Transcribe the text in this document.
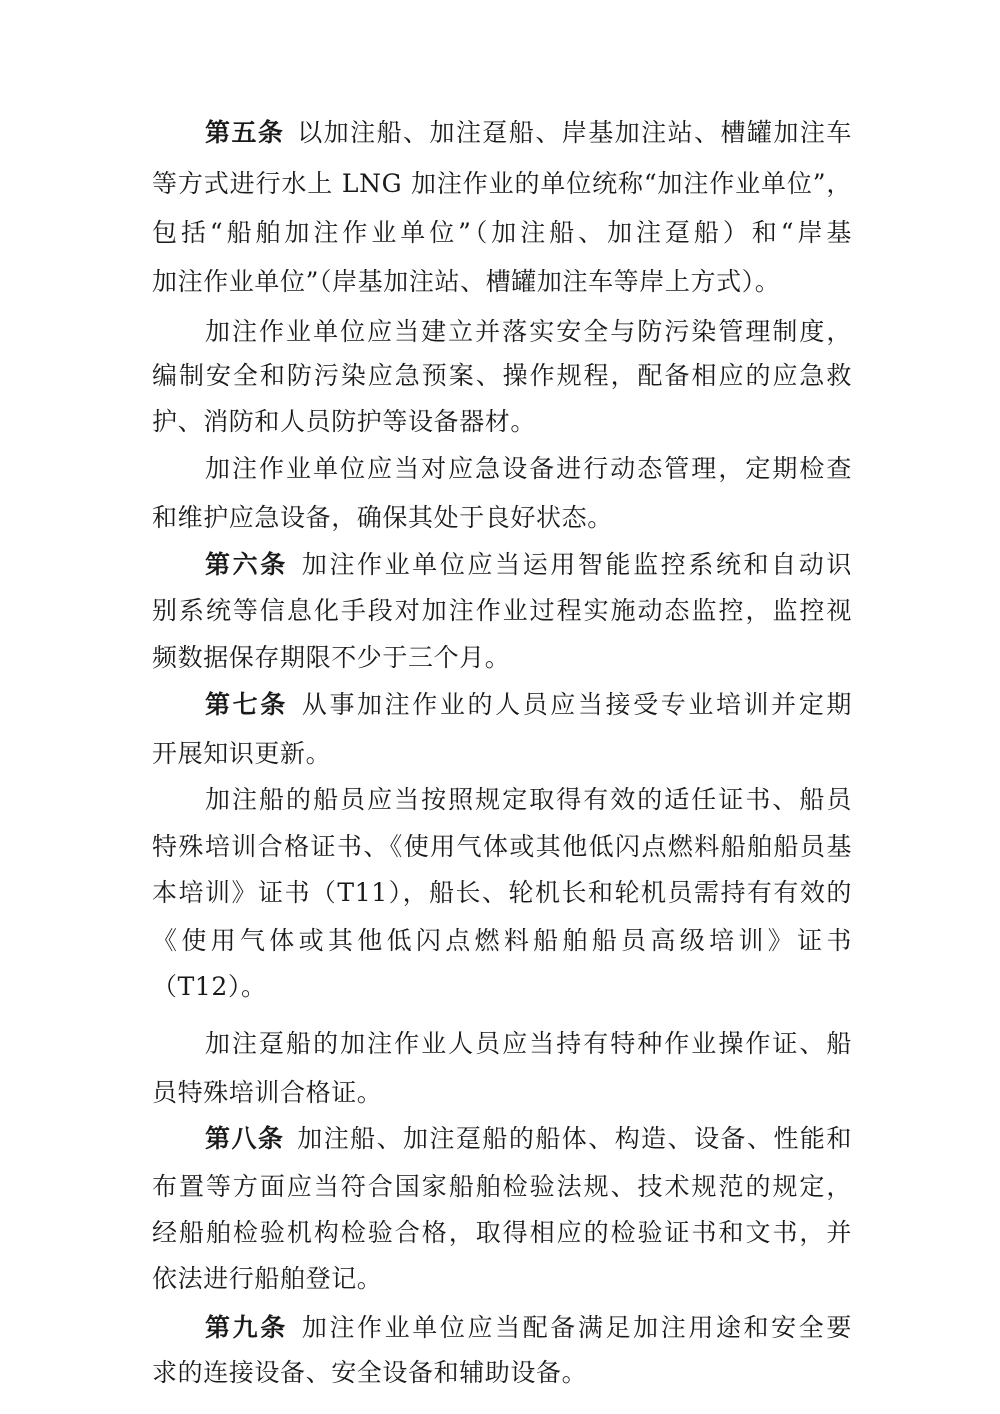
第五条 以加注船、加注趸船、岸基加注站、槽罐加注车
等方式进行水上 LNG 加注作业的单位统称“加注作业单位”，
包括“船舶加注作业单位”（加注船、加注趸船）和“岸基
加注作业单位”（岸基加注站、槽罐加注车等岸上方式）。
加注作业单位应当建立并落实安全与防污染管理制度，
编制安全和防污染应急预案、操作规程，配备相应的应急救
护、消防和人员防护等设备器材。
加注作业单位应当对应急设备进行动态管理，定期检查
和维护应急设备，确保其处于良好状态。
第六条 加注作业单位应当运用智能监控系统和自动识
别系统等信息化手段对加注作业过程实施动态监控，监控视
频数据保存期限不少于三个月。
第七条 从事加注作业的人员应当接受专业培训并定期
开展知识更新。
加注船的船员应当按照规定取得有效的适任证书、船员
特殊培训合格证书、《使用气体或其他低闪点燃料船舶船员基
本培训》证书（T11），船长、轮机长和轮机员需持有有效的
《使用气体或其他低闪点燃料船舶船员高级培训》证书
（T12）。
加注趸船的加注作业人员应当持有特种作业操作证、船
员特殊培训合格证。
第八条 加注船、加注趸船的船体、构造、设备、性能和
布置等方面应当符合国家船舶检验法规、技术规范的规定，
经船舶检验机构检验合格，取得相应的检验证书和文书，并
依法进行船舶登记。
第九条 加注作业单位应当配备满足加注用途和安全要
求的连接设备、安全设备和辅助设备。
